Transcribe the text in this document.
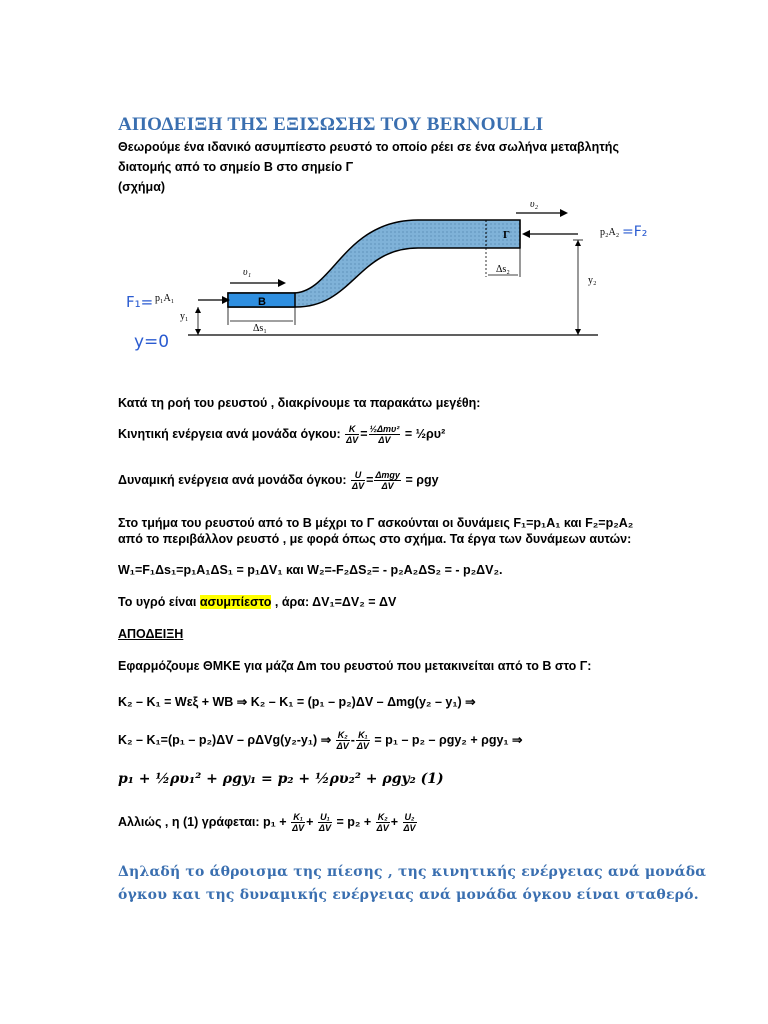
ΑΠΟΔΕΙΞΗ ΤΗΣ ΕΞΙΣΩΣΗΣ ΤΟΥ BERNOULLI
Θεωρούμε ένα ιδανικό ασυμπίεστο ρευστό το οποίο ρέει σε ένα σωλήνα μεταβλητής
διατομής από το σημείο Β στο σημείο Γ
(σχήμα)
B
Γ
υ₂
p₂A₂ =F₂
Δs₂
y₂
υ₁
p₁A₁
F₁=
y₁
Δs₁
y=0
Κατά τη ροή του ρευστού , διακρίνουμε τα παρακάτω μεγέθη:
Κινητική ενέργεια ανά μονάδα όγκου: $\frac{K}{\Delta V} = \frac{\text{½Δmυ²}}{\Delta V}$ = ½ρυ²
Δυναμική ενέργεια ανά μονάδα όγκου: $\frac{U}{\Delta V} = \frac{\text{Δmgy}}{\Delta V} = \rho gy$
Στο τμήμα του ρευστού από το Β μέχρι το Γ ασκούνται οι δυνάμεις F₁=p₁A₁ και F₂=p₂A₂
από το περιβάλλον ρευστό , με φορά όπως στο σχήμα. Τα έργα των δυνάμεων αυτών:
W₁=F₁Δs₁=p₁A₁ΔS₁ = p₁ΔV₁ και W₂=-F₂ΔS₂= - p₂A₂ΔS₂ = - p₂ΔV₂.
Το υγρό είναι ασυμπίεστο , άρα: ΔV₁=ΔV₂ = ΔV
ΑΠΟΔΕΙΞΗ
Εφαρμόζουμε ΘΜΚΕ για μάζα Δm του ρευστού που μετακινείται από το Β στο Γ:
K₂ – K₁ = Wεξ + WΒ ⇒ K₂ – K₁ = (p₁ – p₂)ΔV – Δmg(y₂ – y₁) ⇒
K₂ – K₁=(p₁ – p₂)ΔV – ρΔVg(y₂-y₁) ⇒ $\frac{\text{K₂}}{\Delta V} - \frac{\text{K₁}}{\Delta V} = p_1 - p_2 - \rho gy_2 + \rho gy_1$ ⇒
p₁ + ½ρυ₁² + ρgy₁ = p₂ + ½ρυ₂² + ρgy₂ (1)
Αλλιώς , η (1) γράφεται: $p_1 + \frac{\text{K₁}}{\Delta V} + \frac{\text{U₁}}{\Delta V} = p_2 + \frac{\text{K₂}}{\Delta V} + \frac{\text{U₂}}{\Delta V}$
Δηλαδή το άθροισμα της πίεσης , της κινητικής ενέργειας ανά μονάδα
όγκου και της δυναμικής ενέργειας ανά μονάδα όγκου είναι σταθερό.
